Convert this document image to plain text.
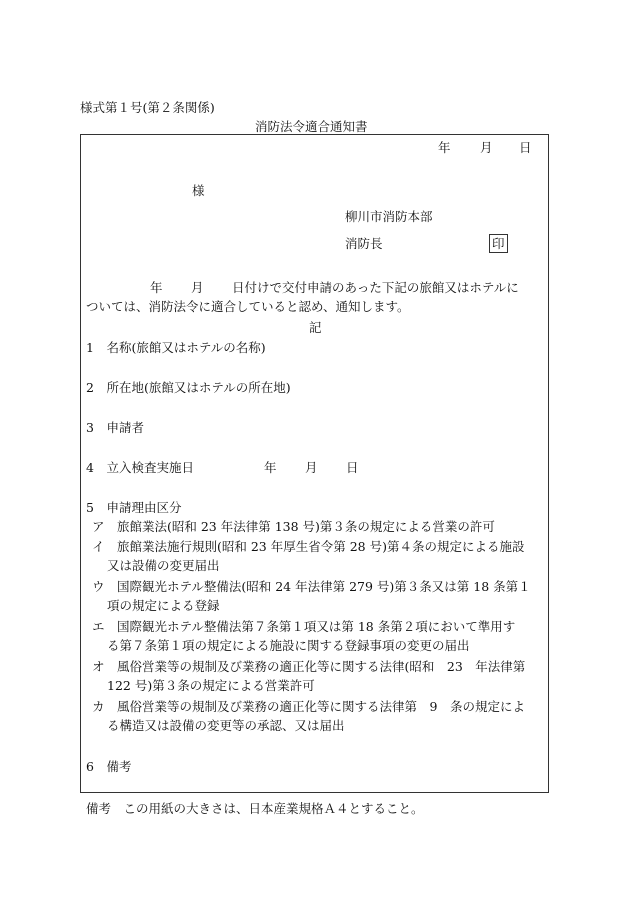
様式第１号(第２条関係)
消防法令適合通知書
年 月 日
様
柳川市消防本部
消防長	印
年 月 日付けで交付申請のあった下記の旅館又はホテルに
ついては、消防法令に適合していると認め、通知します。
記
1　名称(旅館又はホテルの名称)
2　所在地(旅館又はホテルの所在地)
3　申請者
4　立入検査実施日	年 月 日
5　申請理由区分
ア　旅館業法(昭和 23 年法律第 138 号)第３条の規定による営業の許可
イ　旅館業法施行規則(昭和 23 年厚生省令第 28 号)第４条の規定による施設
又は設備の変更届出
ウ　国際観光ホテル整備法(昭和 24 年法律第 279 号)第３条又は第 18 条第１
項の規定による登録
エ　国際観光ホテル整備法第７条第１項又は第 18 条第２項において準用す
る第７条第１項の規定による施設に関する登録事項の変更の届出
オ　風俗営業等の規制及び業務の適正化等に関する法律(昭和　23　年法律第
122 号)第３条の規定による営業許可
カ　風俗営業等の規制及び業務の適正化等に関する法律第　9　条の規定によ
る構造又は設備の変更等の承認、又は届出
6　備考
備考　この用紙の大きさは、日本産業規格Ａ４とすること。
